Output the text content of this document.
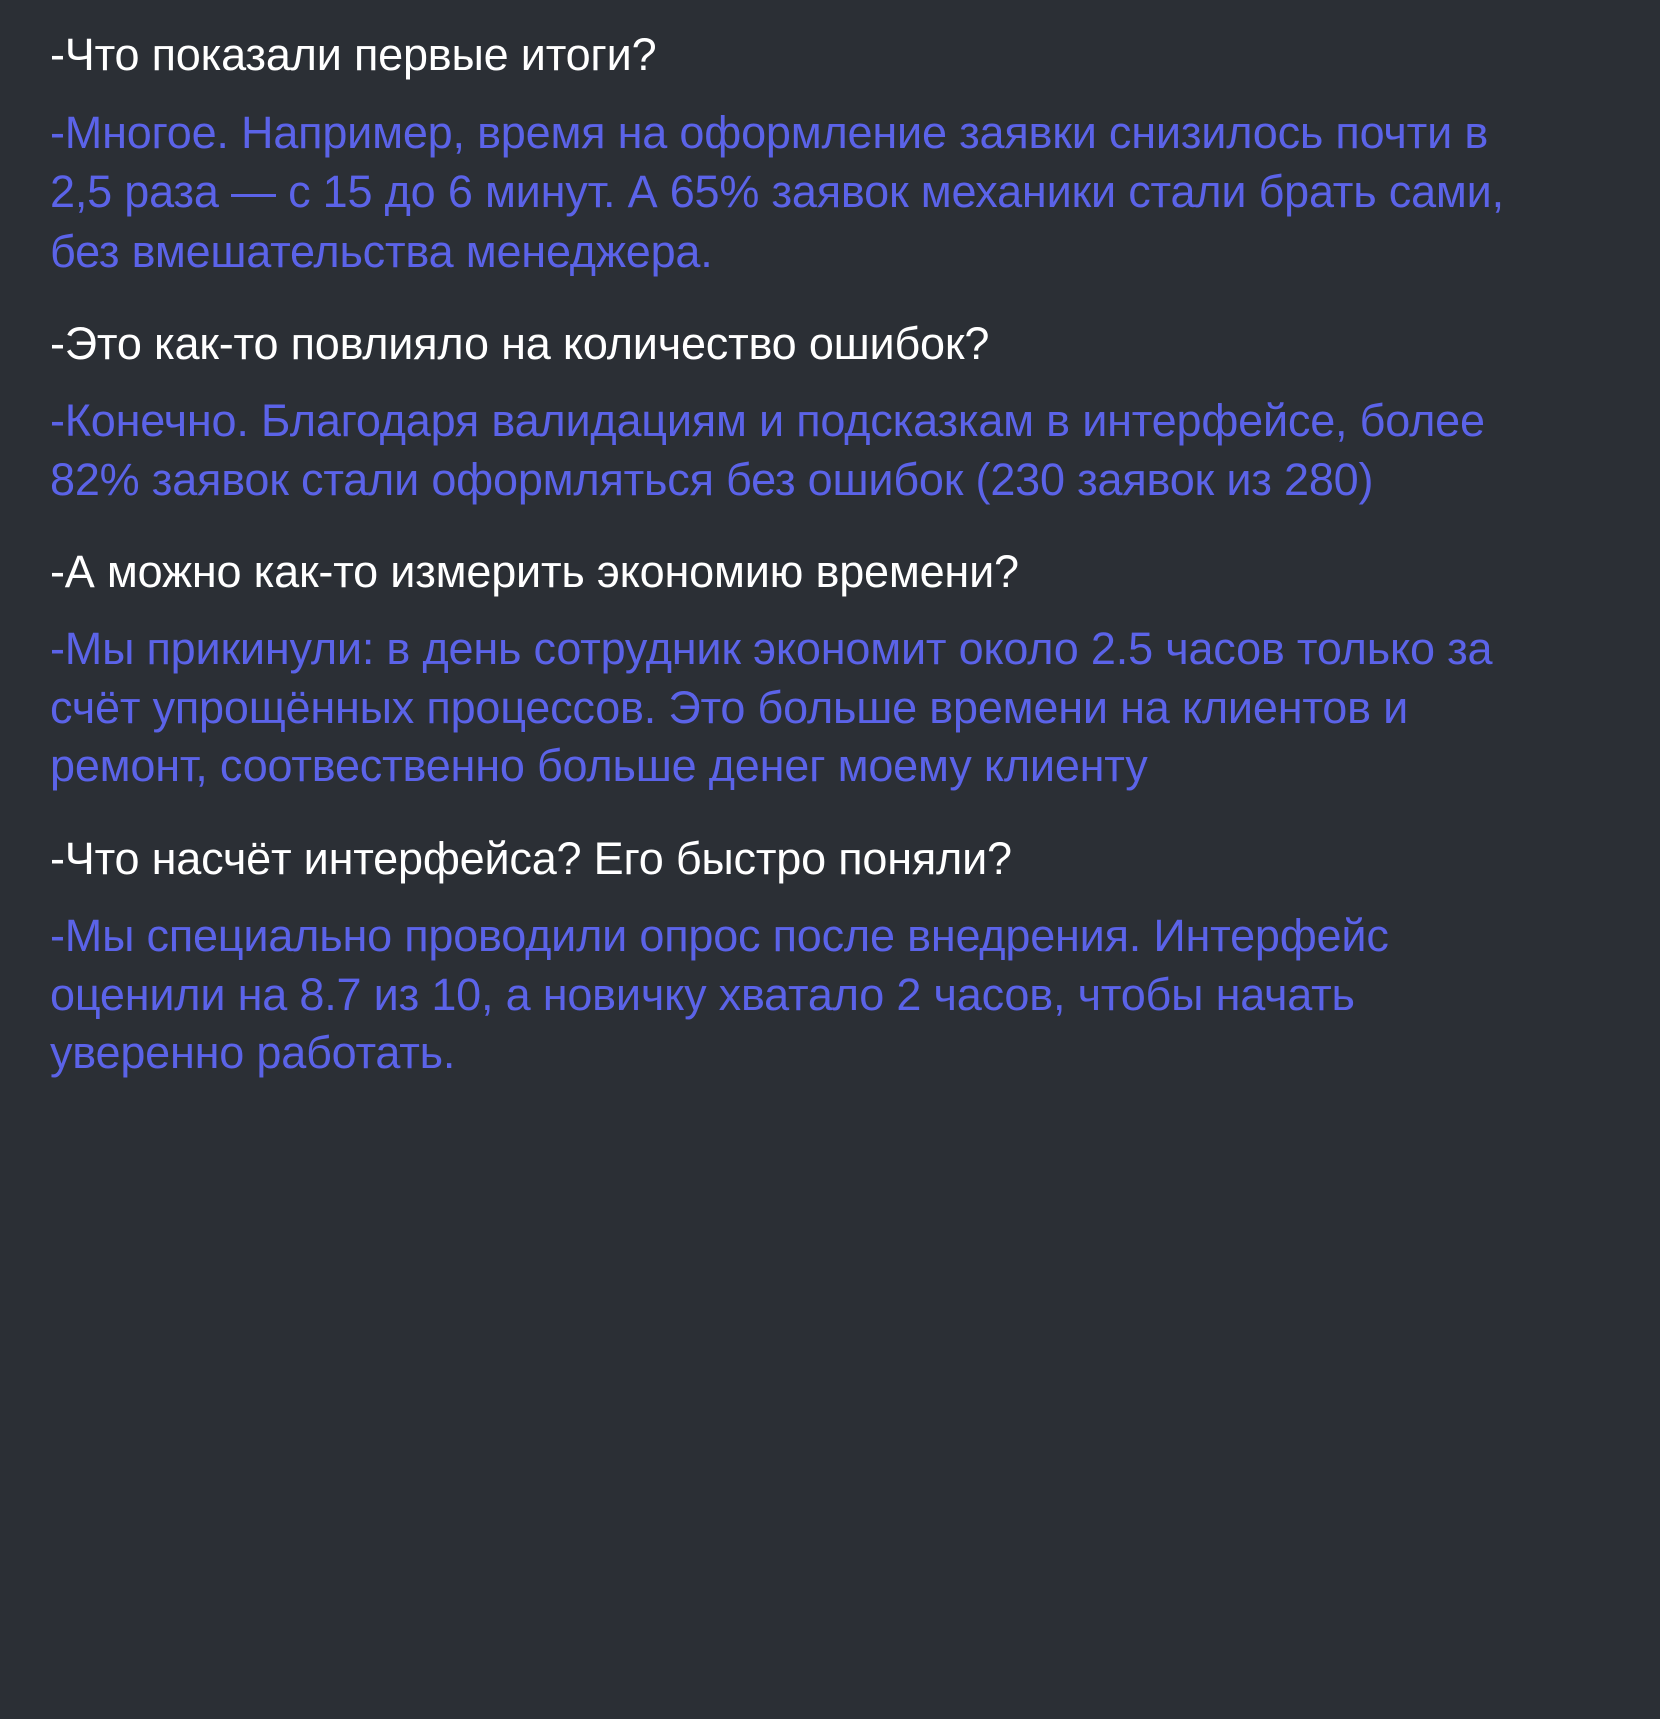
-Что показали первые итоги?

-Многое. Например, время на оформление заявки снизилось почти в 2,5 раза — с 15 до 6 минут. А 65% заявок механики стали брать сами, без вмешательства менеджера.

-Это как-то повлияло на количество ошибок?

-Конечно. Благодаря валидациям и подсказкам в интерфейсе, более 82% заявок стали оформляться без ошибок (230 заявок из 280)

-А можно как-то измерить экономию времени?

-Мы прикинули: в день сотрудник экономит около 2.5 часов только за счёт упрощённых процессов. Это больше времени на клиентов и ремонт, соотвественно больше денег моему клиенту

-Что насчёт интерфейса? Его быстро поняли?

-Мы специально проводили опрос после внедрения. Интерфейс оценили на 8.7 из 10, а новичку хватало 2 часов, чтобы начать уверенно работать.
